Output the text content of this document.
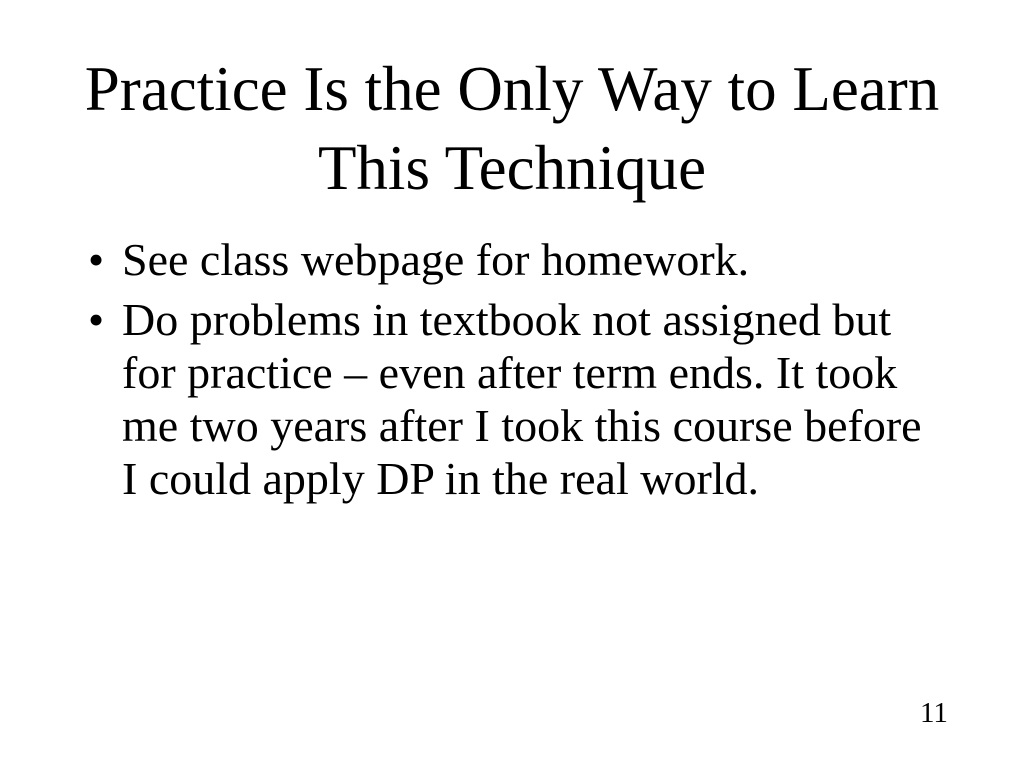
Practice Is the Only Way to Learn
This Technique
• See class webpage for homework.
• Do problems in textbook not assigned but
for practice – even after term ends. It took
me two years after I took this course before
I could apply DP in the real world.
11
